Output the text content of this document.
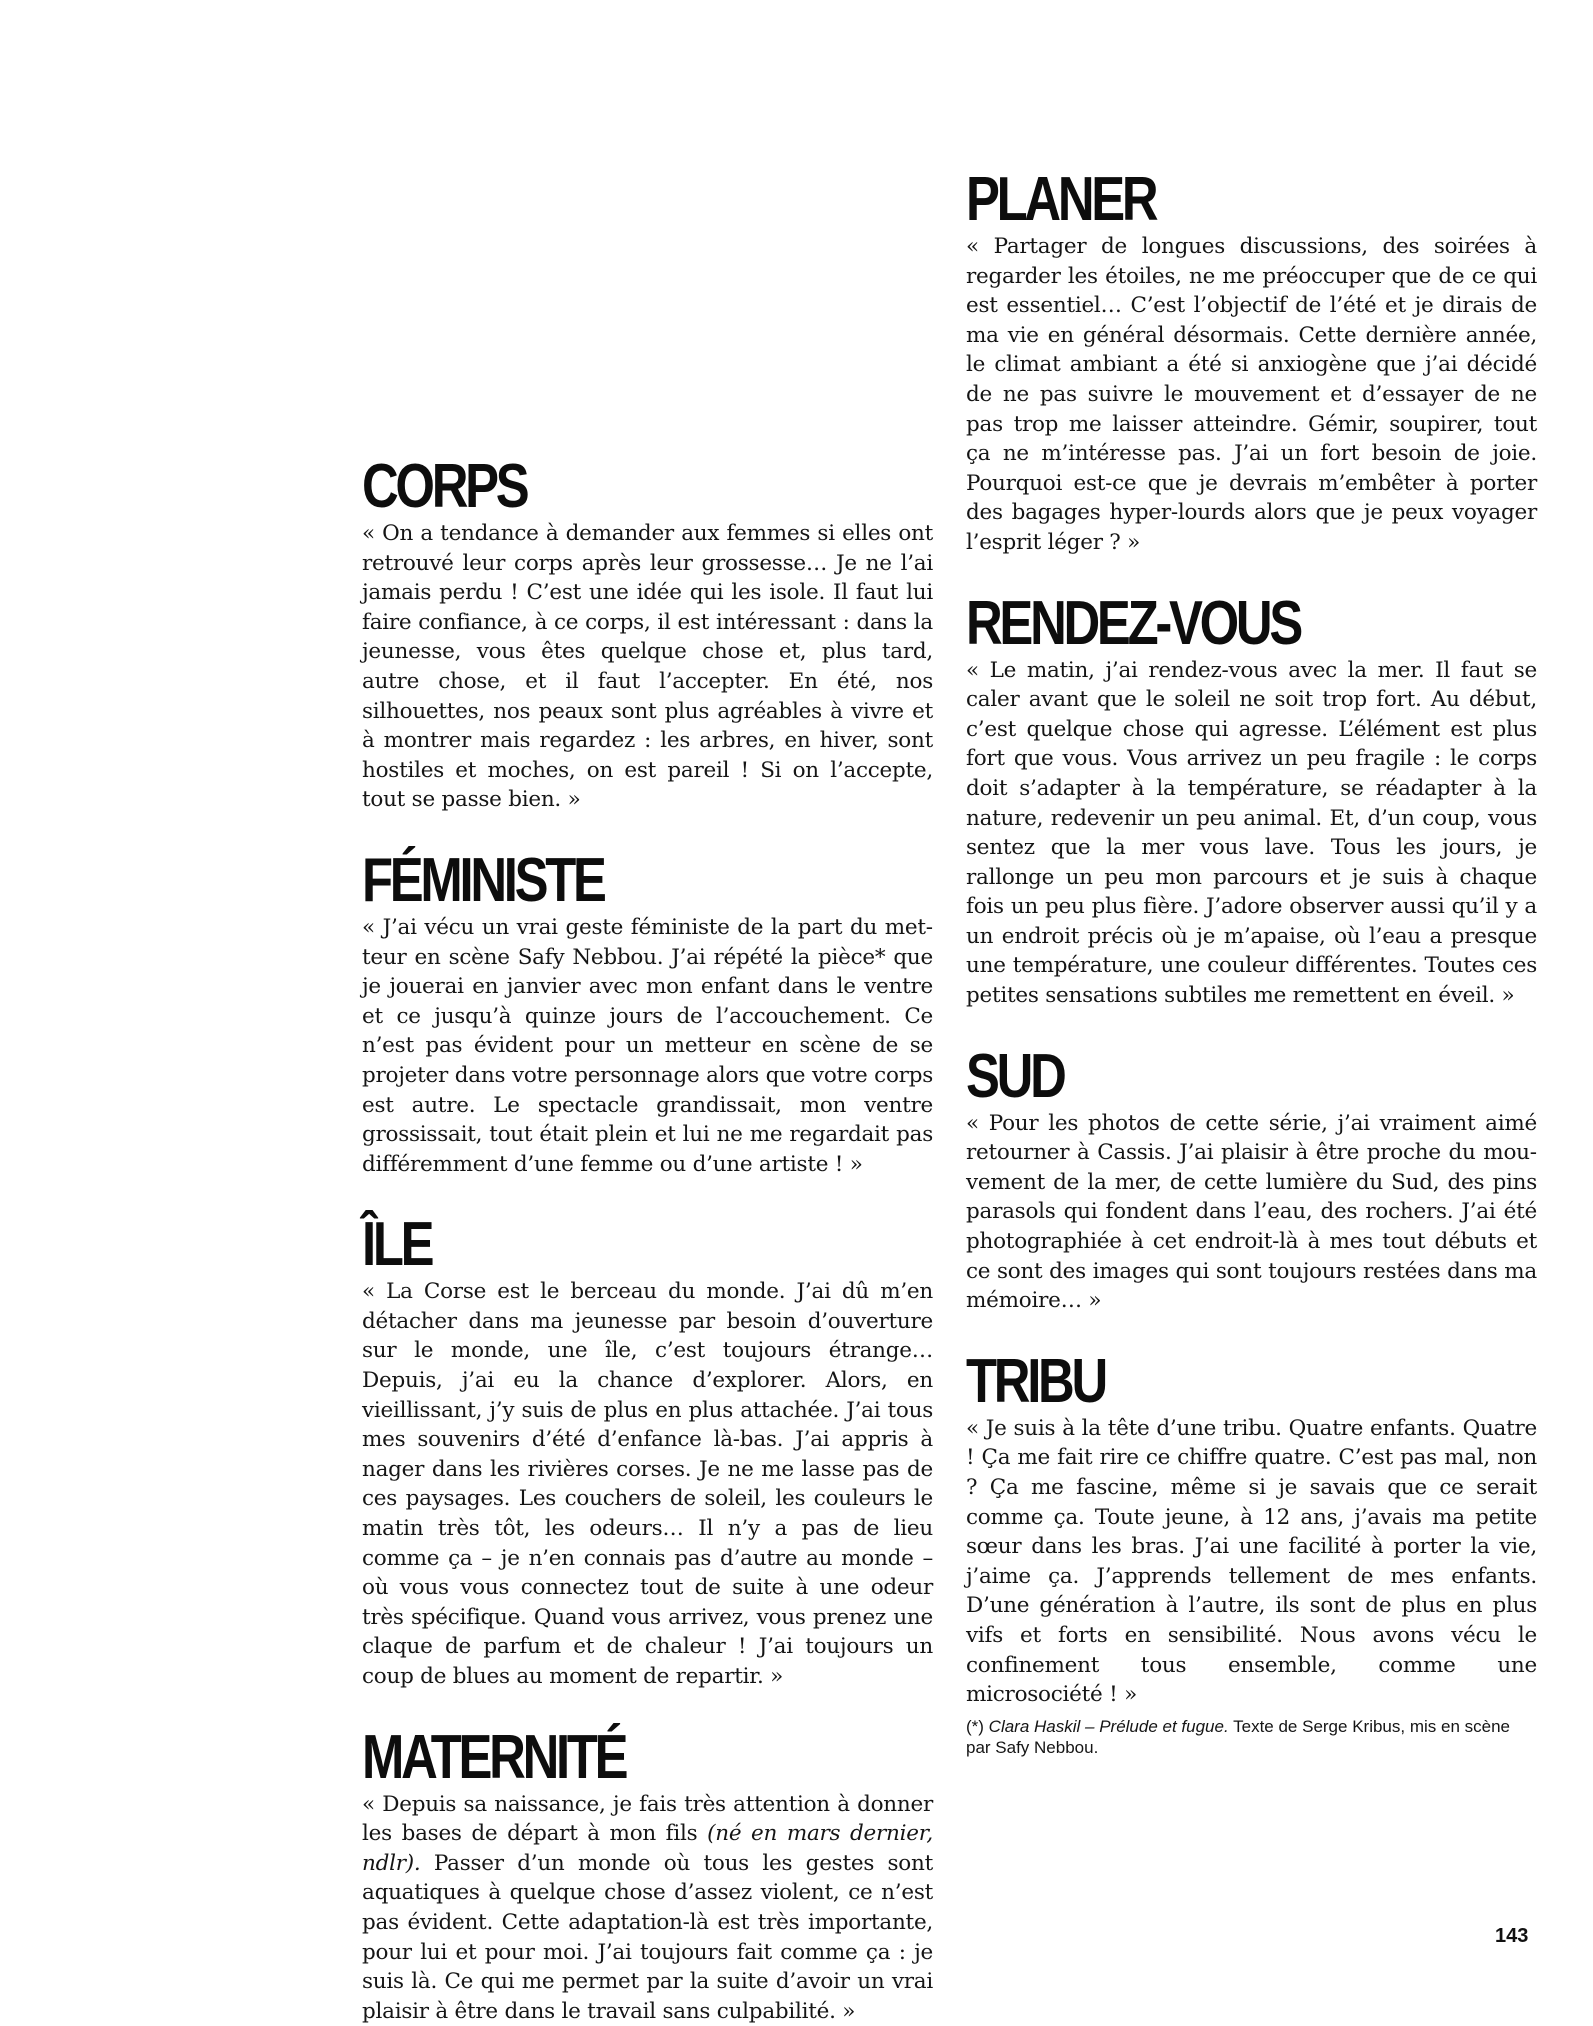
CORPS

« On a tendance à demander aux femmes si elles ont retrouvé leur corps après leur grossesse… Je ne l’ai jamais perdu ! C’est une idée qui les isole. Il faut lui faire confiance, à ce corps, il est intéressant : dans la jeunesse, vous êtes quelque chose et, plus tard, autre chose, et il faut l’accepter. En été, nos silhouettes, nos peaux sont plus agréables à vivre et à montrer mais regardez : les arbres, en hiver, sont hostiles et moches, on est pareil ! Si on l’accepte, tout se passe bien. »

FÉMINISTE

« J’ai vécu un vrai geste féministe de la part du metteur en scène Safy Nebbou. J’ai répété la pièce* que je jouerai en janvier avec mon enfant dans le ventre et ce jusqu’à quinze jours de l’accouchement. Ce n’est pas évident pour un metteur en scène de se projeter dans votre personnage alors que votre corps est autre. Le spectacle grandissait, mon ventre grossissait, tout était plein et lui ne me regardait pas différemment d’une femme ou d’une artiste ! »

ÎLE

« La Corse est le berceau du monde. J’ai dû m’en détacher dans ma jeunesse par besoin d’ouverture sur le monde, une île, c’est toujours étrange… Depuis, j’ai eu la chance d’explorer. Alors, en vieillissant, j’y suis de plus en plus attachée. J’ai tous mes souvenirs d’été d’enfance là-bas. J’ai appris à nager dans les rivières corses. Je ne me lasse pas de ces paysages. Les couchers de soleil, les couleurs le matin très tôt, les odeurs… Il n’y a pas de lieu comme ça – je n’en connais pas d’autre au monde – où vous vous connectez tout de suite à une odeur très spécifique. Quand vous arrivez, vous prenez une claque de parfum et de chaleur ! J’ai toujours un coup de blues au moment de repartir. »

MATERNITÉ

« Depuis sa naissance, je fais très attention à donner les bases de départ à mon fils (né en mars dernier, ndlr). Passer d’un monde où tous les gestes sont aquatiques à quelque chose d’assez violent, ce n’est pas évident. Cette adaptation-là est très importante, pour lui et pour moi. J’ai toujours fait comme ça : je suis là. Ce qui me permet par la suite d’avoir un vrai plaisir à être dans le travail sans culpabilité. »

PLANER

« Partager de longues discussions, des soirées à regarder les étoiles, ne me préoccuper que de ce qui est essentiel… C’est l’objectif de l’été et je dirais de ma vie en général désormais. Cette dernière année, le climat ambiant a été si anxiogène que j’ai décidé de ne pas suivre le mouvement et d’essayer de ne pas trop me laisser atteindre. Gémir, soupirer, tout ça ne m’intéresse pas. J’ai un fort besoin de joie. Pourquoi est-ce que je devrais m’embêter à porter des bagages hyper-lourds alors que je peux voyager l’esprit léger ? »

RENDEZ-VOUS

« Le matin, j’ai rendez-vous avec la mer. Il faut se caler avant que le soleil ne soit trop fort. Au début, c’est quelque chose qui agresse. L’élément est plus fort que vous. Vous arrivez un peu fragile : le corps doit s’adapter à la température, se réadapter à la nature, redevenir un peu animal. Et, d’un coup, vous sentez que la mer vous lave. Tous les jours, je rallonge un peu mon parcours et je suis à chaque fois un peu plus fière. J’adore observer aussi qu’il y a un endroit précis où je m’apaise, où l’eau a presque une température, une couleur différentes. Toutes ces petites sensations subtiles me remettent en éveil. »

SUD

« Pour les photos de cette série, j’ai vraiment aimé retourner à Cassis. J’ai plaisir à être proche du mouvement de la mer, de cette lumière du Sud, des pins parasols qui fondent dans l’eau, des rochers. J’ai été photographiée à cet endroit-là à mes tout débuts et ce sont des images qui sont toujours restées dans ma mémoire… »

TRIBU

« Je suis à la tête d’une tribu. Quatre enfants. Quatre ! Ça me fait rire ce chiffre quatre. C’est pas mal, non ? Ça me fascine, même si je savais que ce serait comme ça. Toute jeune, à 12 ans, j’avais ma petite sœur dans les bras. J’ai une facilité à porter la vie, j’aime ça. J’apprends tellement de mes enfants. D’une génération à l’autre, ils sont de plus en plus vifs et forts en sensibilité. Nous avons vécu le confinement tous ensemble, comme une microsociété ! »

(*) Clara Haskil – Prélude et fugue. Texte de Serge Kribus, mis en scène par Safy Nebbou.
143
